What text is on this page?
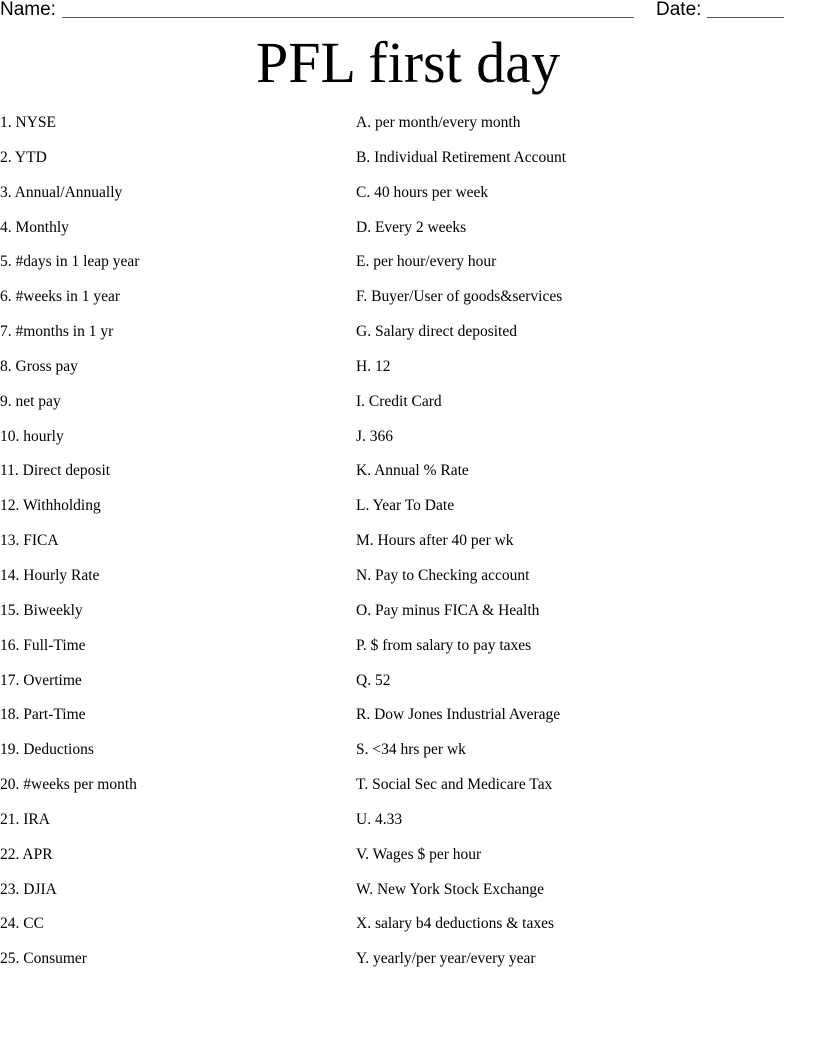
Name:	Date:
PFL first day
1. NYSE
2. YTD
3. Annual/Annually
4. Monthly
5. #days in 1 leap year
6. #weeks in 1 year
7. #months in 1 yr
8. Gross pay
9. net pay
10. hourly
11. Direct deposit
12. Withholding
13. FICA
14. Hourly Rate
15. Biweekly
16. Full-Time
17. Overtime
18. Part-Time
19. Deductions
20. #weeks per month
21. IRA
22. APR
23. DJIA
24. CC
25. Consumer
A. per month/every month
B. Individual Retirement Account
C. 40 hours per week
D. Every 2 weeks
E. per hour/every hour
F. Buyer/User of goods&services
G. Salary direct deposited
H. 12
I. Credit Card
J. 366
K. Annual % Rate
L. Year To Date
M. Hours after 40 per wk
N. Pay to Checking account
O. Pay minus FICA & Health
P. $ from salary to pay taxes
Q. 52
R. Dow Jones Industrial Average
S. <34 hrs per wk
T. Social Sec and Medicare Tax
U. 4.33
V. Wages $ per hour
W. New York Stock Exchange
X. salary b4 deductions & taxes
Y. yearly/per year/every year
